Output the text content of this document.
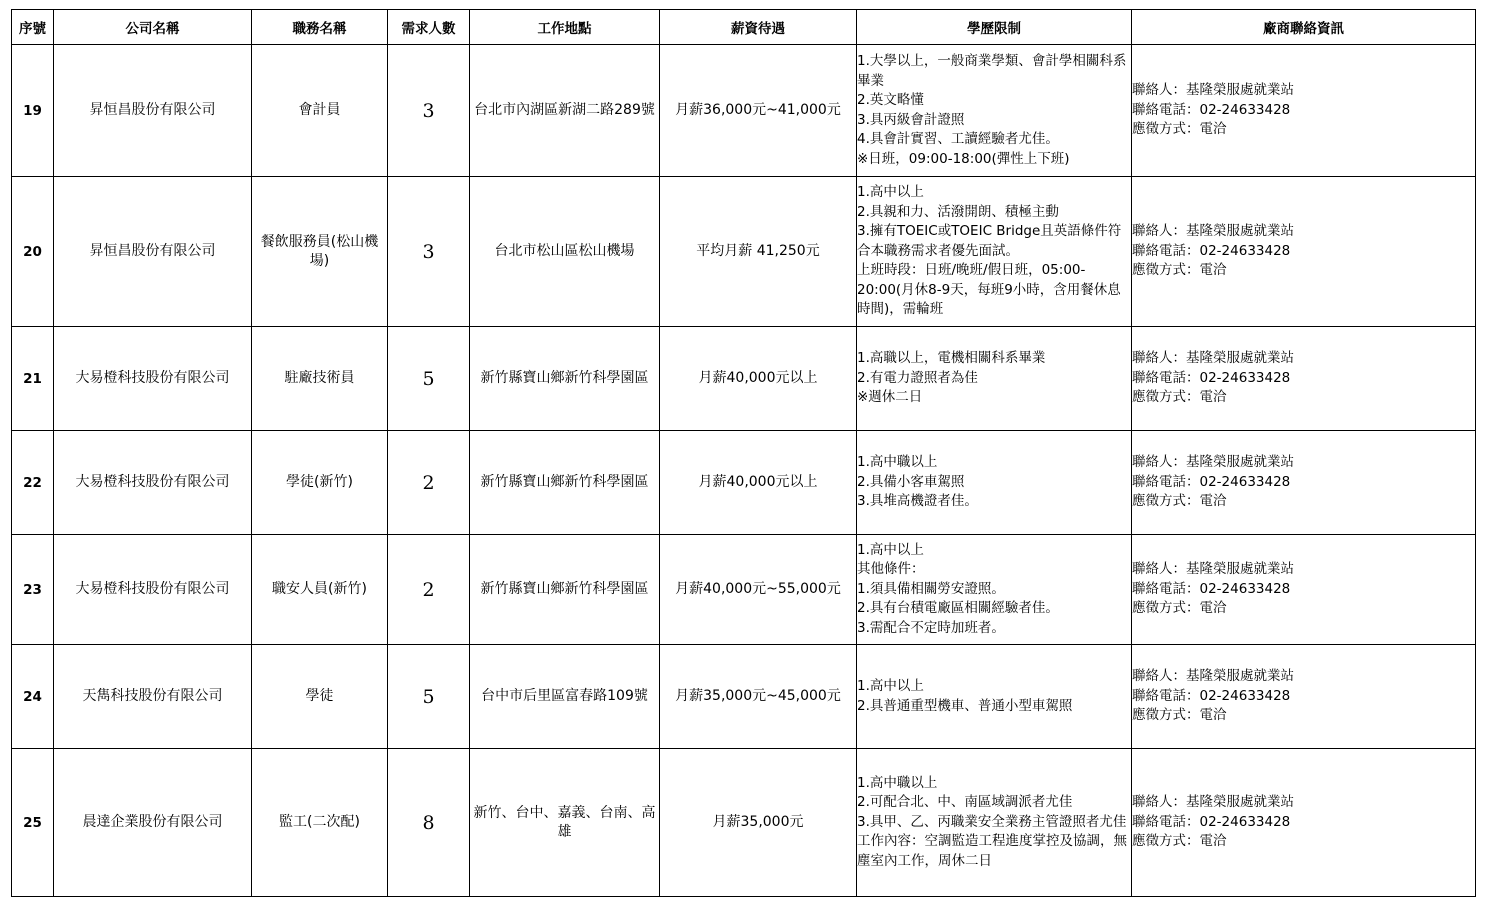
序號	公司名稱	職務名稱	需求人數	工作地點	薪資待遇	學歷限制	廠商聯絡資訊
19	昇恒昌股份有限公司	會計員	3	台北市內湖區新湖二路289號	月薪36,000元~41,000元	1.大學以上，一般商業學類、會計學相關科系畢業
2.英文略懂
3.具丙級會計證照
4.具會計實習、工讀經驗者尤佳。
※日班，09:00-18:00(彈性上下班)	聯絡人：基隆榮服處就業站
聯絡電話：02-24633428
應徵方式：電洽

20	昇恒昌股份有限公司	餐飲服務員(松山機場)	3	台北市松山區松山機場	平均月薪 41,250元	1.高中以上
2.具親和力、活潑開朗、積極主動
3.擁有TOEIC或TOEIC Bridge且英語條件符合本職務需求者優先面試。
上班時段：日班/晚班/假日班，05:00-20:00(月休8-9天，每班9小時，含用餐休息時間)，需輪班	聯絡人：基隆榮服處就業站
聯絡電話：02-24633428
應徵方式：電洽

21	大易橙科技股份有限公司	駐廠技術員	5	新竹縣寶山鄉新竹科學園區	月薪40,000元以上	1.高職以上，電機相關科系畢業
2.有電力證照者為佳
※週休二日	聯絡人：基隆榮服處就業站
聯絡電話：02-24633428
應徵方式：電洽

22	大易橙科技股份有限公司	學徒(新竹)	2	新竹縣寶山鄉新竹科學園區	月薪40,000元以上	1.高中職以上
2.具備小客車駕照
3.具堆高機證者佳。	聯絡人：基隆榮服處就業站
聯絡電話：02-24633428
應徵方式：電洽

23	大易橙科技股份有限公司	職安人員(新竹)	2	新竹縣寶山鄉新竹科學園區	月薪40,000元~55,000元	1.高中以上
其他條件：
1.須具備相關勞安證照。
2.具有台積電廠區相關經驗者佳。
3.需配合不定時加班者。	聯絡人：基隆榮服處就業站
聯絡電話：02-24633428
應徵方式：電洽

24	天雋科技股份有限公司	學徒	5	台中市后里區富春路109號	月薪35,000元~45,000元	1.高中以上
2.具普通重型機車、普通小型車駕照	聯絡人：基隆榮服處就業站
聯絡電話：02-24633428
應徵方式：電洽

25	晨達企業股份有限公司	監工(二次配)	8	新竹、台中、嘉義、台南、高雄	月薪35,000元	1.高中職以上
2.可配合北、中、南區域調派者尤佳
3.具甲、乙、丙職業安全業務主管證照者尤佳
工作內容：空調監造工程進度掌控及協調，無塵室內工作，周休二日	聯絡人：基隆榮服處就業站
聯絡電話：02-24633428
應徵方式：電洽
